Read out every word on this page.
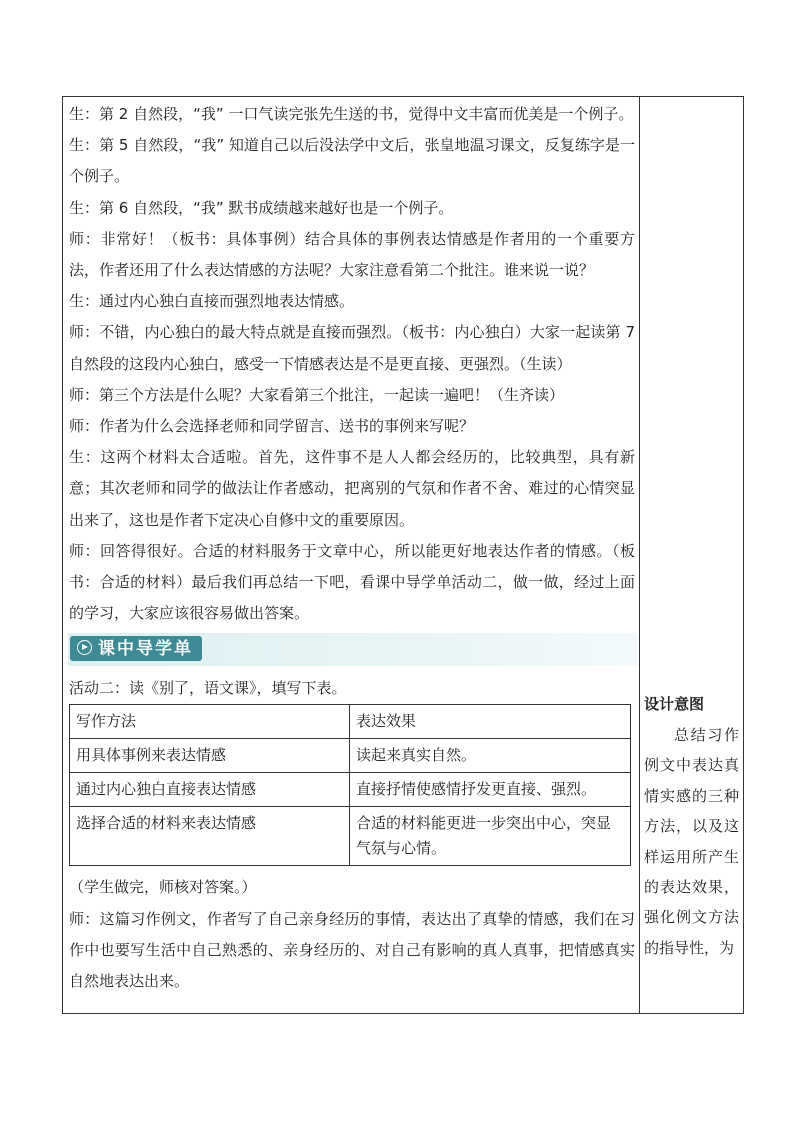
生：第 2 自然段，“我” 一口气读完张先生送的书，觉得中文丰富而优美是一个例子。

生：第 5 自然段，“我” 知道自己以后没法学中文后，张皇地温习课文，反复练字是一个例子。

生：第 6 自然段，“我” 默书成绩越来越好也是一个例子。

师：非常好！（板书：具体事例）结合具体的事例表达情感是作者用的一个重要方法，作者还用了什么表达情感的方法呢？大家注意看第二个批注。谁来说一说？

生：通过内心独白直接而强烈地表达情感。

师：不错，内心独白的最大特点就是直接而强烈。（板书：内心独白）大家一起读第 7 自然段的这段内心独白，感受一下情感表达是不是更直接、更强烈。（生读）

师：第三个方法是什么呢？大家看第三个批注，一起读一遍吧！（生齐读）

师：作者为什么会选择老师和同学留言、送书的事例来写呢？

生：这两个材料太合适啦。首先，这件事不是人人都会经历的，比较典型，具有新意；其次老师和同学的做法让作者感动，把离别的气氛和作者不舍、难过的心情突显出来了，这也是作者下定决心自修中文的重要原因。

师：回答得很好。合适的材料服务于文章中心，所以能更好地表达作者的情感。（板书：合适的材料）最后我们再总结一下吧，看课中导学单活动二，做一做，经过上面的学习，大家应该很容易做出答案。

课中导学单
活动二：读《别了，语文课》，填写下表。
写作方法	表达效果
用具体事例来表达情感	读起来真实自然。
通过内心独白直接表达情感	直接抒情使感情抒发更直接、强烈。
选择合适的材料来表达情感	合适的材料能更进一步突出中心，突显气氛与心情。

（学生做完，师核对答案。）

师：这篇习作例文，作者写了自己亲身经历的事情，表达出了真挚的情感，我们在习作中也要写生活中自己熟悉的、亲身经历的、对自己有影响的真人真事，把情感真实自然地表达出来。

设计意图

总结习作例文中表达真情实感的三种方法，以及这样运用所产生的表达效果，强化例文方法的指导性，为
